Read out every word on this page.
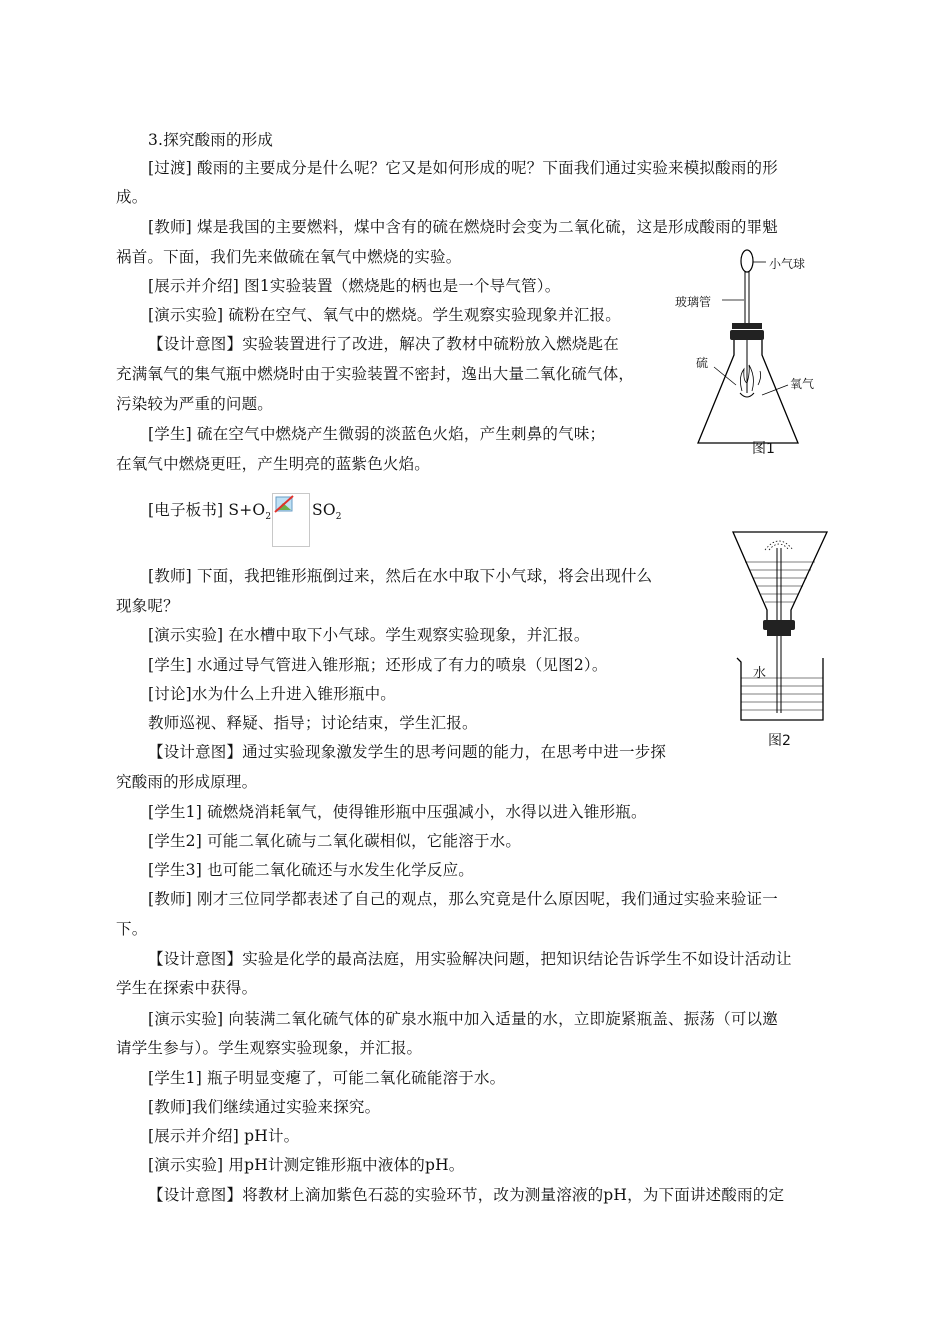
3.探究酸雨的形成
[过渡] 酸雨的主要成分是什么呢？它又是如何形成的呢？下面我们通过实验来模拟酸雨的形
成。
[教师] 煤是我国的主要燃料，煤中含有的硫在燃烧时会变为二氧化硫，这是形成酸雨的罪魁
祸首。下面，我们先来做硫在氧气中燃烧的实验。
[展示并介绍] 图1实验装置（燃烧匙的柄也是一个导气管）。
[演示实验] 硫粉在空气、氧气中的燃烧。学生观察实验现象并汇报。
【设计意图】实验装置进行了改进，解决了教材中硫粉放入燃烧匙在
充满氧气的集气瓶中燃烧时由于实验装置不密封，逸出大量二氧化硫气体，
污染较为严重的问题。
[学生] 硫在空气中燃烧产生微弱的淡蓝色火焰，产生刺鼻的气味；
在氧气中燃烧更旺，产生明亮的蓝紫色火焰。
[电子板书] $S+O_2$	$SO_2$
[教师] 下面，我把锥形瓶倒过来，然后在水中取下小气球，将会出现什么
现象呢？
[演示实验] 在水槽中取下小气球。学生观察实验现象，并汇报。
[学生] 水通过导气管进入锥形瓶；还形成了有力的喷泉（见图2）。
[讨论]水为什么上升进入锥形瓶中。
教师巡视、释疑、指导；讨论结束，学生汇报。
【设计意图】通过实验现象激发学生的思考问题的能力，在思考中进一步探
究酸雨的形成原理。
[学生1] 硫燃烧消耗氧气，使得锥形瓶中压强减小，水得以进入锥形瓶。
[学生2] 可能二氧化硫与二氧化碳相似，它能溶于水。
[学生3] 也可能二氧化硫还与水发生化学反应。
[教师] 刚才三位同学都表述了自己的观点，那么究竟是什么原因呢，我们通过实验来验证一
下。
【设计意图】实验是化学的最高法庭，用实验解决问题，把知识结论告诉学生不如设计活动让
学生在探索中获得。
[演示实验] 向装满二氧化硫气体的矿泉水瓶中加入适量的水，立即旋紧瓶盖、振荡（可以邀
请学生参与）。学生观察实验现象，并汇报。
[学生1] 瓶子明显变瘪了，可能二氧化硫能溶于水。
[教师]我们继续通过实验来探究。
[展示并介绍] pH计。
[演示实验] 用pH计测定锥形瓶中液体的pH。
【设计意图】将教材上滴加紫色石蕊的实验环节，改为测量溶液的pH，为下面讲述酸雨的定
小气球
玻璃管
硫
氧气
图1
水
图2
